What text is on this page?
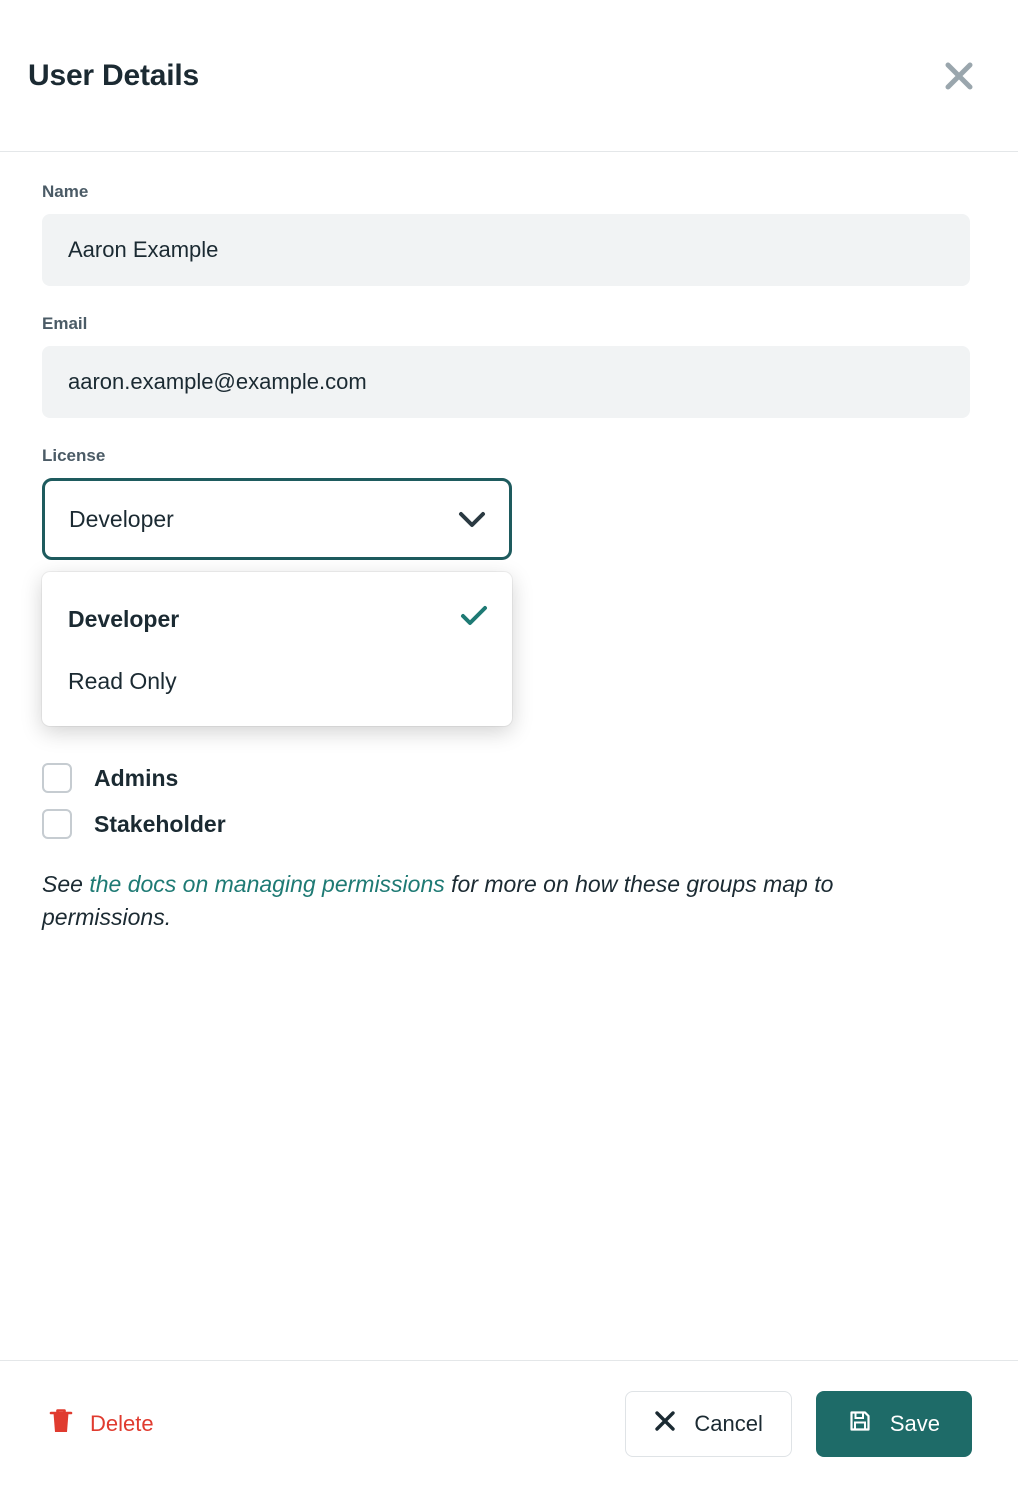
User Details
Name
Aaron Example
Email
aaron.example@example.com
License
Developer
Developer
Read Only
Admins
Stakeholder
See the docs on managing permissions for more on how these groups map to permissions.
Delete	Cancel	Save
